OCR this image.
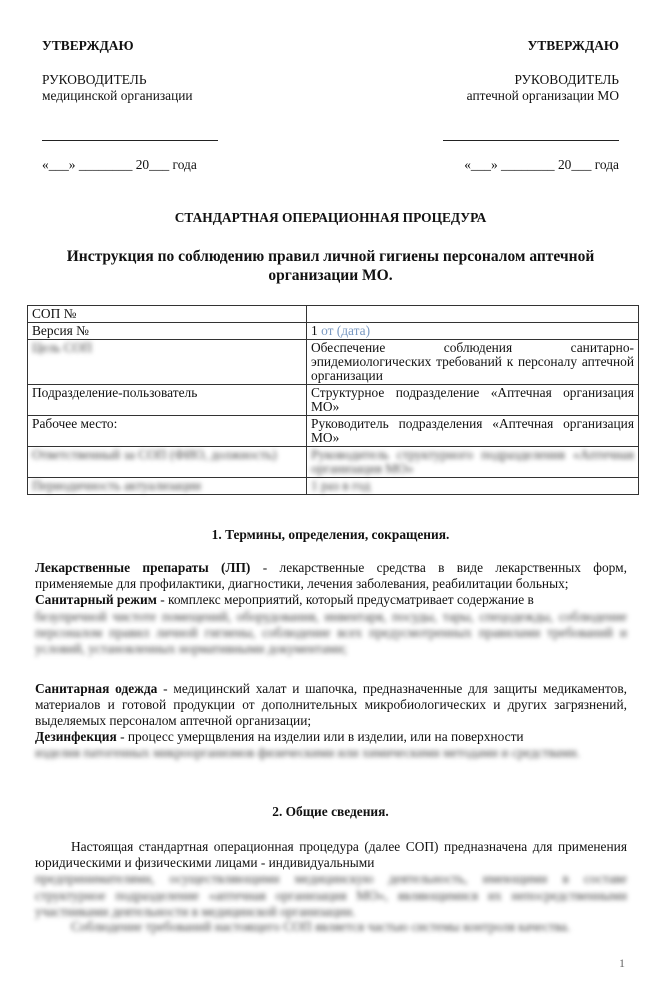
УТВЕРЖДАЮ
РУКОВОДИТЕЛЬ
медицинской организации
«___» ________ 20___ года
УТВЕРЖДАЮ
РУКОВОДИТЕЛЬ
аптечной организации МО
«___» ________ 20___ года
СТАНДАРТНАЯ ОПЕРАЦИОННАЯ ПРОЦЕДУРА
Инструкция по соблюдению правил личной гигиены персоналом аптечной организации МО.
СОП №	
Версия №	1 от (дата)
Цель СОП	Обеспечение соблюдения санитарно-эпидемиологических требований к персоналу аптечной организации
Подразделение-пользователь	Структурное подразделение «Аптечная организация МО»
Рабочее место:	Руководитель подразделения «Аптечная организация МО»
Ответственный за СОП (ФИО, должность)	Руководитель структурного подразделения «Аптечная организация МО»
Периодичность актуализации	1 раз в год
1. Термины, определения, сокращения.

Лекарственные препараты (ЛП) - лекарственные средства в виде лекарственных форм, применяемые для профилактики, диагностики, лечения заболевания, реабилитации больных;

Санитарный режим - комплекс мероприятий, который предусматривает содержание в

безупречной чистоте помещений, оборудования, инвентаря, посуды, тары, спецодежды, соблюдение персоналом правил личной гигиены, соблюдение всех предусмотренных правилами требований и условий, установленных нормативными документами;

Санитарная одежда - медицинский халат и шапочка, предназначенные для защиты медикаментов, материалов и готовой продукции от дополнительных микробиологических и других загрязнений, выделяемых персоналом аптечной организации;

Дезинфекция - процесс умерщвления на изделии или в изделии, или на поверхности

изделия патогенных микроорганизмов физическими или химическими методами и средствами.

2. Общие сведения.

Настоящая стандартная операционная процедура (далее СОП) предназначена для применения юридическими и физическими лицами - индивидуальными

предпринимателями, осуществляющими медицинскую деятельность, имеющими в составе структурное подразделение «аптечная организация МО», являющимися их непосредственными участниками деятельности в медицинской организации.

Соблюдение требований настоящего СОП является частью системы контроля качества.

1
